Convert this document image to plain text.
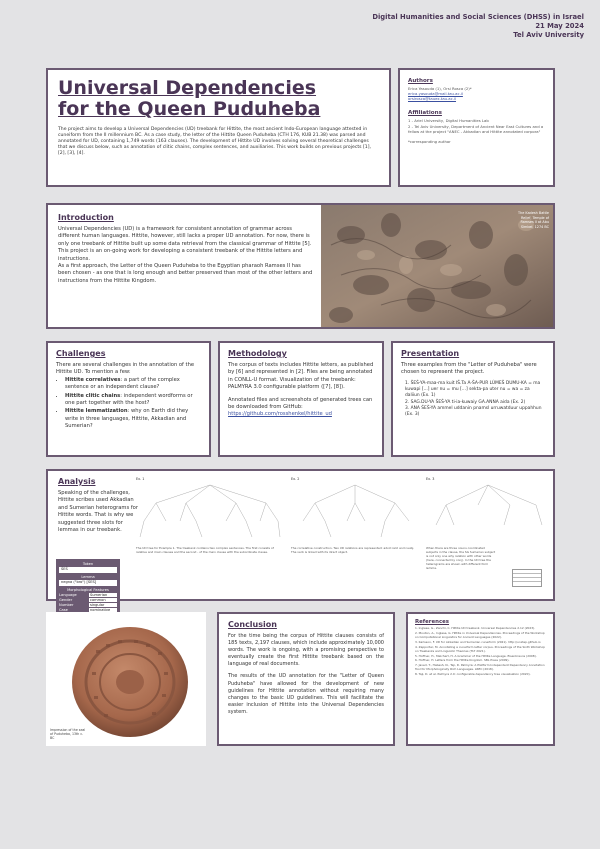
Digital Humanities and Social Sciences (DHSS) in Israel
21 May 2024
Tel Aviv University
Universal Dependencies
for the Queen Puduheba
The project aims to develop a Universal Dependencies (UD) treebank for Hittite, the most ancient Indo-European language attested in cuneiform from the II millennium BC. As a case study, the letter of the Hittite Queen Puduheba (CTH 176, KUB 21.38) was parsed and annotated for UD, containing 1,749 words (163 clauses). The development of Hittite UD involves solving several theoretical challenges that we discuss below, such as annotation of clitic chains, complex sentences, and auxiliaries. This work builds on previous projects [1], [2], [3], [4].
Authors
Erica Yasouda (1), Orsi Rosca (2)*
erica.yasouda@mail.tau.ac.il
orsirosca@tauex.tau.ac.il
Affiliations
1 - Ariel University, Digital Humanities Lab
2 - Tel Aviv University, Department of Ancient Near East Cultures and a fellow at the project "ANEC - Akkadian and Hittite annotated corpora"
*corresponding author
Introduction
Universal Dependencies (UD) is a framework for consistent annotation of grammar across different human languages. Hittite, however, still lacks a proper UD annotation. For now, there is only one treebank of Hittite built up some data retrieval from the classical grammar of Hittite [5]. This project is an on-going work for developing a consistent treebank of the Hittite letters and instructions.
As a first approach, the Letter of the Queen Puduheba to the Egyptian pharaoh Ramses II has been chosen - as one that is long enough and better preserved than most of the other letters and instructions from the Hittite Kingdom.
The Kadesh Battle Relief, Temple of Ramses II at Abu Simbel, 1274 BC
Challenges
There are several challenges in the annotation of the Hittite UD. To mention a few:
• Hittite correlatives: a part of the complex sentence or an independent clause?
• Hittite clitic chains: independent wordforms or one part together with the host?
• Hittite lemmatization: why on Earth did they write in three languages, Hittite, Akkadian and Sumerian?
Methodology
The corpus of texts includes Hittite letters, as published by [6] and represented in [2]. Files are being annotated in CONLL-U format. Visualization of the treebank: PALMYRA 3.0 configurable platform ([7], [8]).
Annotated files and screenshots of generated trees can be downloaded from GitHub:
https://github.com/rosshenkel/hittite_ud
Presentation
Three examples from the "Letter of Puduheba" were chosen to represent the project.
1. ŠEŠ-YA-maa-ma kuit IŠ.Ta A-ŠA-PUR LÚMEŠ DUMU-KA = ma kuwapi [...] uer nu = mu [...] sekta-pa uter nu = wa = za daliiun (Ex. 1)
2. SAG.DU-YA ŠEŠ-YA ti-ia-kuwaiy GA.ANNA aida (Ex. 2)
3. ANA ŠEŠ-YA ammel uddanin pnamsl urruwatduur uppahhun (Ex. 3)
Analysis
Speaking of the challenges, Hittite scribes used Akkadian and Sumerian heterograms for Hittite words. That is why we suggested three slots for lemmas in our treebank.
Token
ŠEŠ
Lemma
negna ("bro") [ŠEŠ]
Morphological Features
Language	Sumerian
Gender	common
Number	singular
Case	nominative
Ex. 1
The UD tree for Example 1. The treebank contains two complex sentences. The first consists of relative and main clauses and the second - of the main clause with the subordinate clause.
Ex. 2
The correlative construction. Two UD relations are represented: advcl:relcl and nsubj. The verb is linked with its direct object.
Ex. 3
When there are three nouns coordinated subjects in the clause, the SG Sumerian subject is not only one why relation with other words (here, connected by conj). In the UD tree the heterograms are shown with different form lemma.
Impression of the seal of Puduheba, 13th c. BC
Conclusion
For the time being the corpus of Hittite clauses consists of 185 texts, 2,197 clauses, which include approximately 10,000 words. The work is ongoing, with a promising perspective to eventually create the first Hittite treebank based on the language of real documents.
The results of the UD annotation for the "Letter of Queen Puduheba" have allowed for the development of new guidelines for Hittite annotation without requiring many changes to the basic UD guidelines. This will facilitate the easier inclusion of Hittite into the Universal Dependencies system.
References
1. Inglese, G., Zanchi, C. Hittite UD treebank. Universal Dependencies 2.12 (2023).
2. Mouton, A., Inglese, G. Hittite in Universal Dependencies. Proceedings of the Workshop on Computational Linguistics for Ancient Languages (2022).
3. Karlsson, F. UD for Akkadian and Sumerian cuneiform (2021). http://unidep.github.io
4. Zapporter, M. Annotating a cuneiform letter corpus. Proceedings of the Sixth Workshop on Treebanks and Linguistic Theories (TLT 2021).
5. Hoffner, H., Melchert, H. A Grammar of the Hittite Language. Eisenbrauns (2008).
6. Hoffner, H. Letters from the Hittite Kingdom. SBL Press (2009).
7. Javed, T., Habash, N., Taji, D. Palmyra: A Platform Independent Dependency Annotation Tool for Morphologically Rich Languages. LREC (2018).
8. Taji, D. et al. Palmyra 2.0: configurable dependency tree visualisation (2020).
